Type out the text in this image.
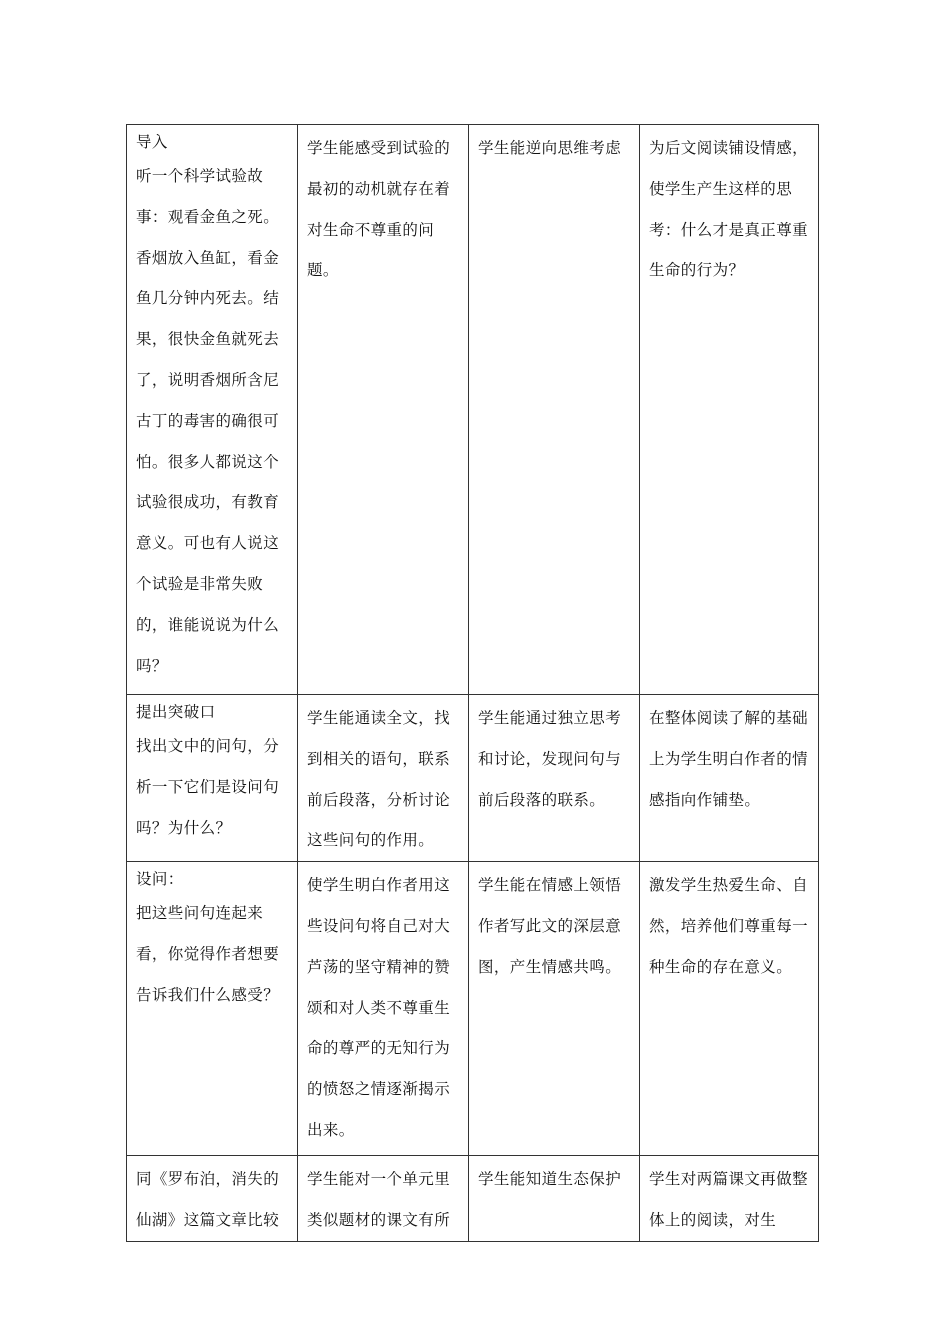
导入
听一个科学试验故事：观看金鱼之死。香烟放入鱼缸，看金鱼几分钟内死去。结果，很快金鱼就死去了，说明香烟所含尼古丁的毒害的确很可怕。很多人都说这个试验很成功，有教育意义。可也有人说这个试验是非常失败的，谁能说说为什么吗？	学生能感受到试验的最初的动机就存在着对生命不尊重的问题。	学生能逆向思维考虑	为后文阅读铺设情感，使学生产生这样的思考：什么才是真正尊重生命的行为？

提出突破口
找出文中的问句，分析一下它们是设问句吗？为什么？	学生能通读全文，找到相关的语句，联系前后段落，分析讨论这些问句的作用。	学生能通过独立思考和讨论，发现问句与前后段落的联系。	在整体阅读了解的基础上为学生明白作者的情感指向作铺垫。

设问：
把这些问句连起来看，你觉得作者想要告诉我们什么感受？	使学生明白作者用这些设问句将自己对大芦荡的坚守精神的赞颂和对人类不尊重生命的尊严的无知行为的愤怒之情逐渐揭示出来。	学生能在情感上领悟作者写此文的深层意图，产生情感共鸣。	激发学生热爱生命、自然，培养他们尊重每一种生命的存在意义。

同《罗布泊，消失的仙湖》这篇文章比较	学生能对一个单元里类似题材的课文有所	学生能知道生态保护	学生对两篇课文再做整体上的阅读，对生
